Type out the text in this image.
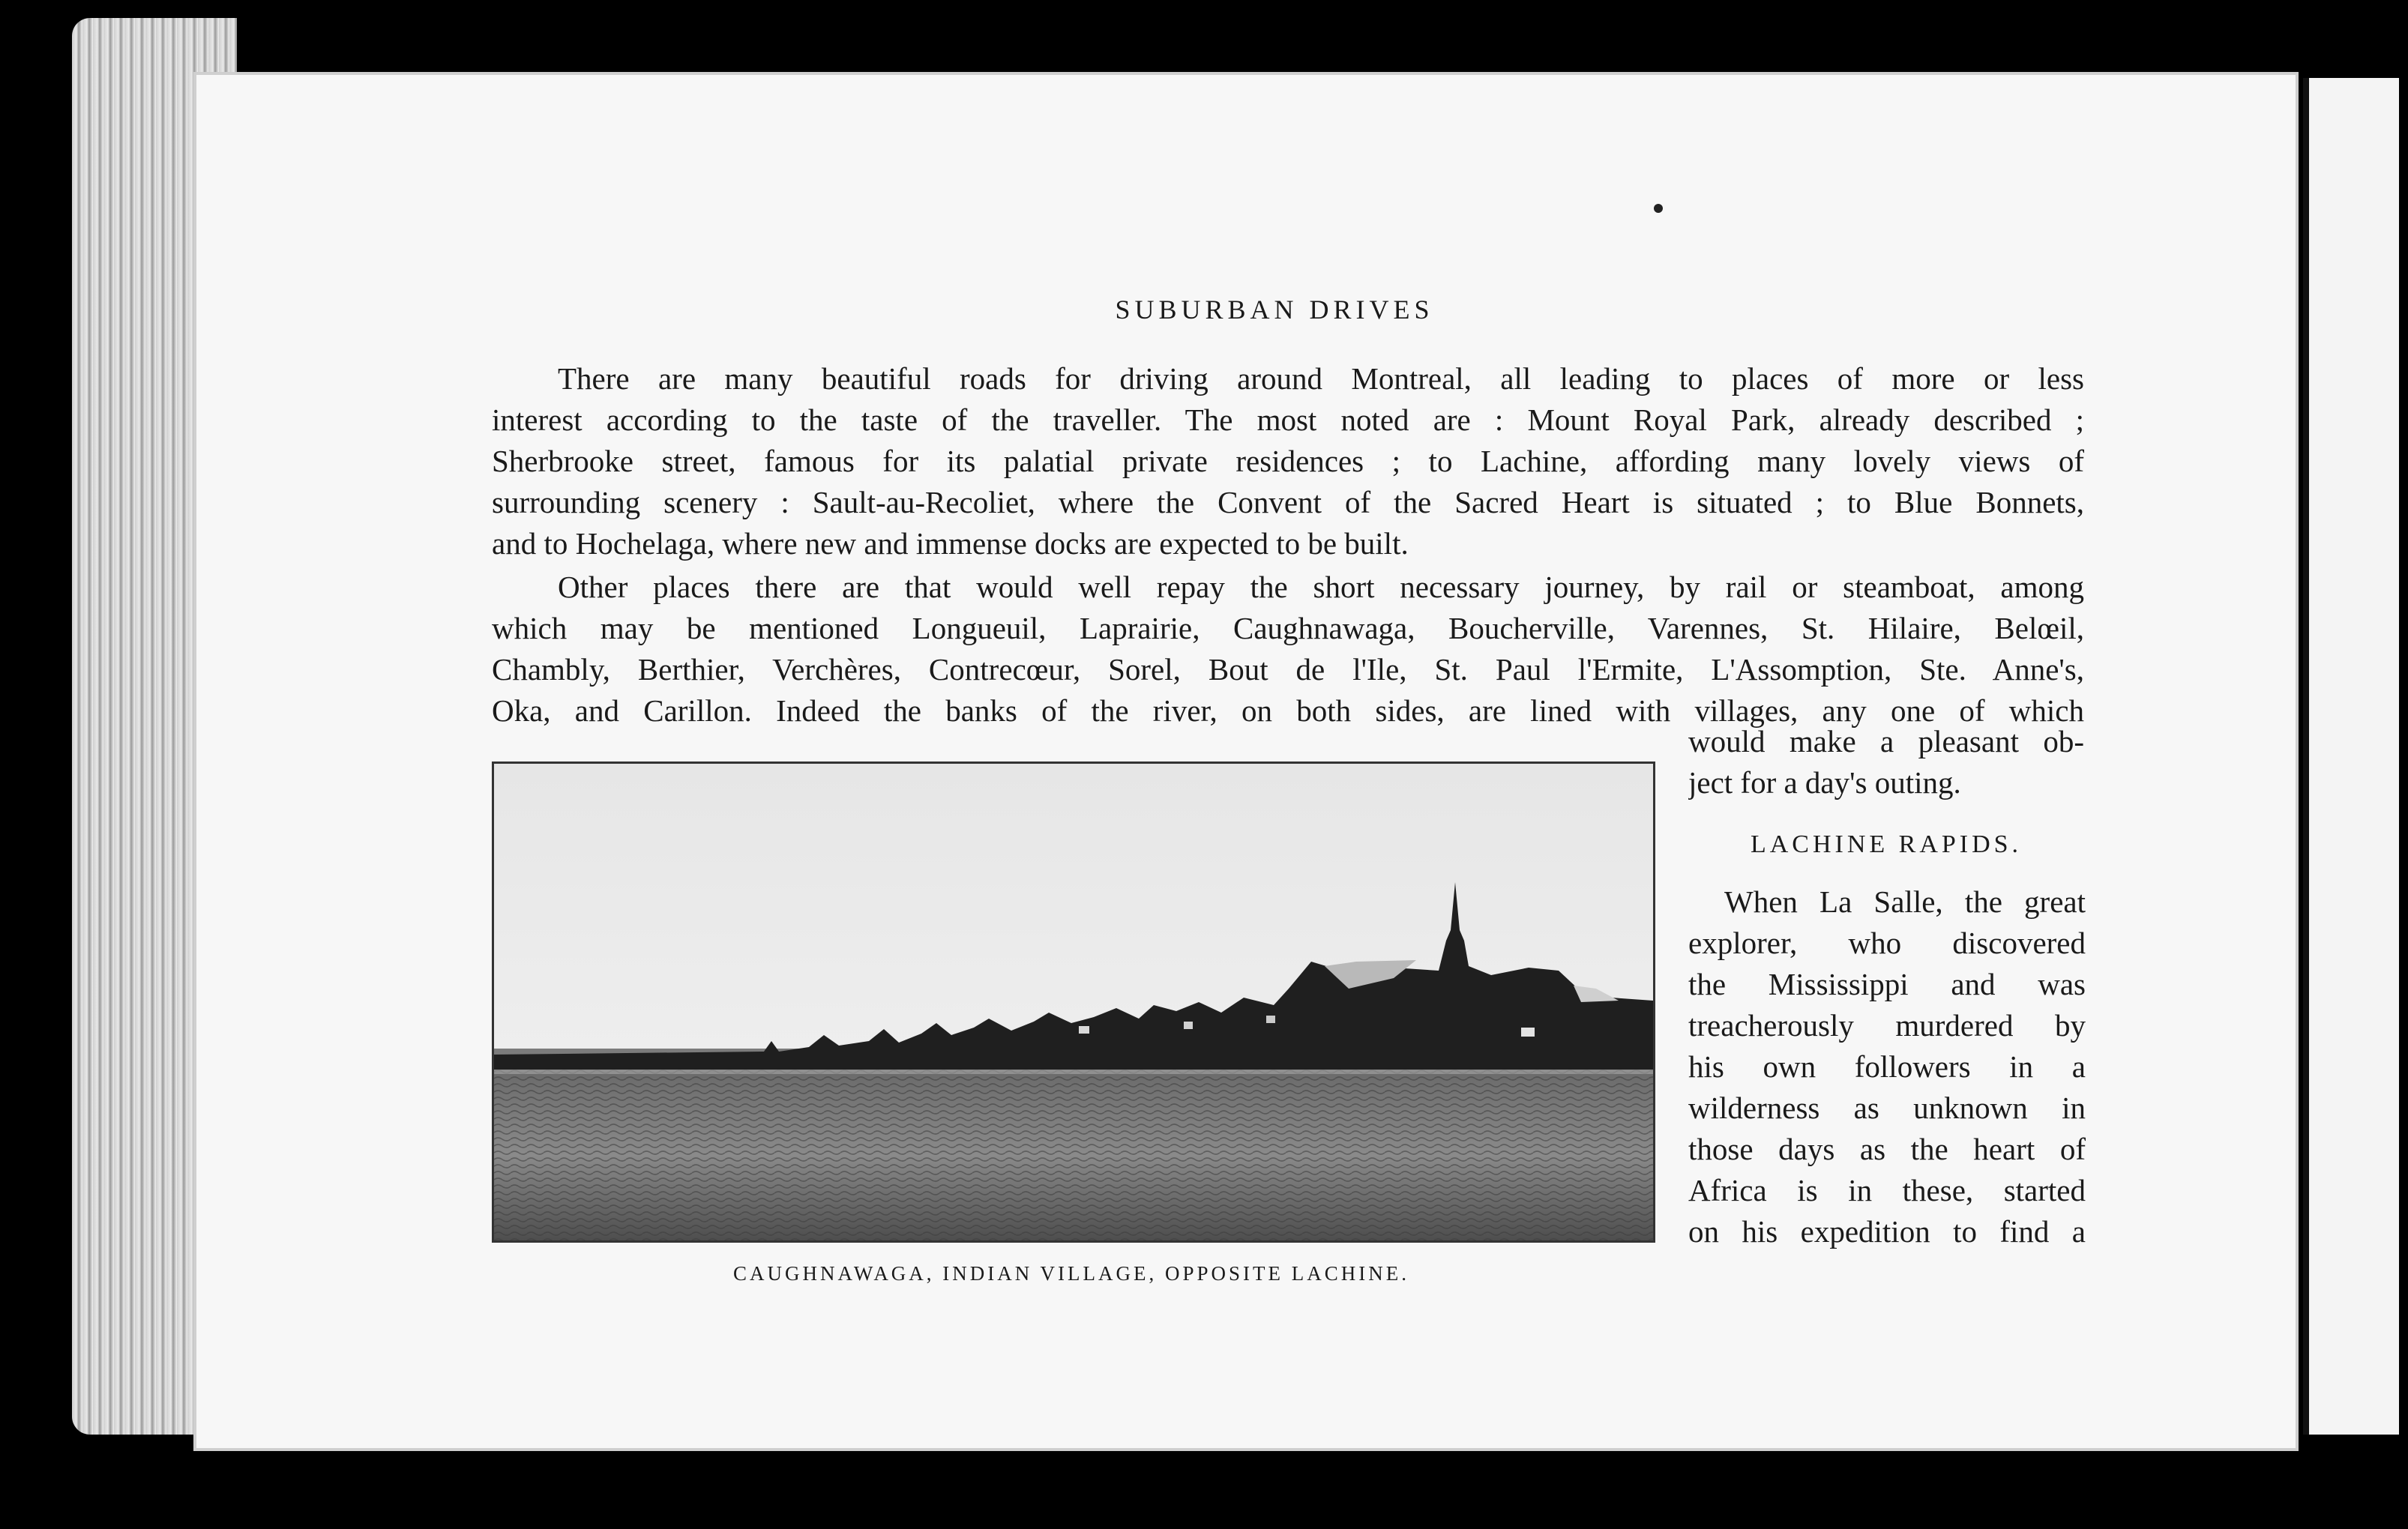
SUBURBAN DRIVES

There are many beautiful roads for driving around Montreal, all leading to places of more or less
interest according to the taste of the traveller. The most noted are : Mount Royal Park, already described ;
Sherbrooke street, famous for its palatial private residences ; to Lachine, affording many lovely views of
surrounding scenery : Sault-au-Recoliet, where the Convent of the Sacred Heart is situated ; to Blue Bonnets,
and to Hochelaga, where new and immense docks are expected to be built.

Other places there are that would well repay the short necessary journey, by rail or steamboat, among
which may be mentioned Longueuil, Laprairie, Caughnawaga, Boucherville, Varennes, St. Hilaire, Belœil,
Chambly, Berthier, Verchères, Contrecœur, Sorel, Bout de l'Ile, St. Paul l'Ermite, L'Assomption, Ste. Anne's,
Oka, and Carillon. Indeed the banks of the river, on both sides, are lined with villages, any one of which

would make a pleasant ob-
ject for a day's outing.

CAUGHNAWAGA, INDIAN VILLAGE, OPPOSITE LACHINE.

LACHINE RAPIDS.

When La Salle, the great
explorer, who discovered
the Mississippi and was
treacherously murdered by
his own followers in a
wilderness as unknown in
those days as the heart of
Africa is in these, started
on his expedition to find a
